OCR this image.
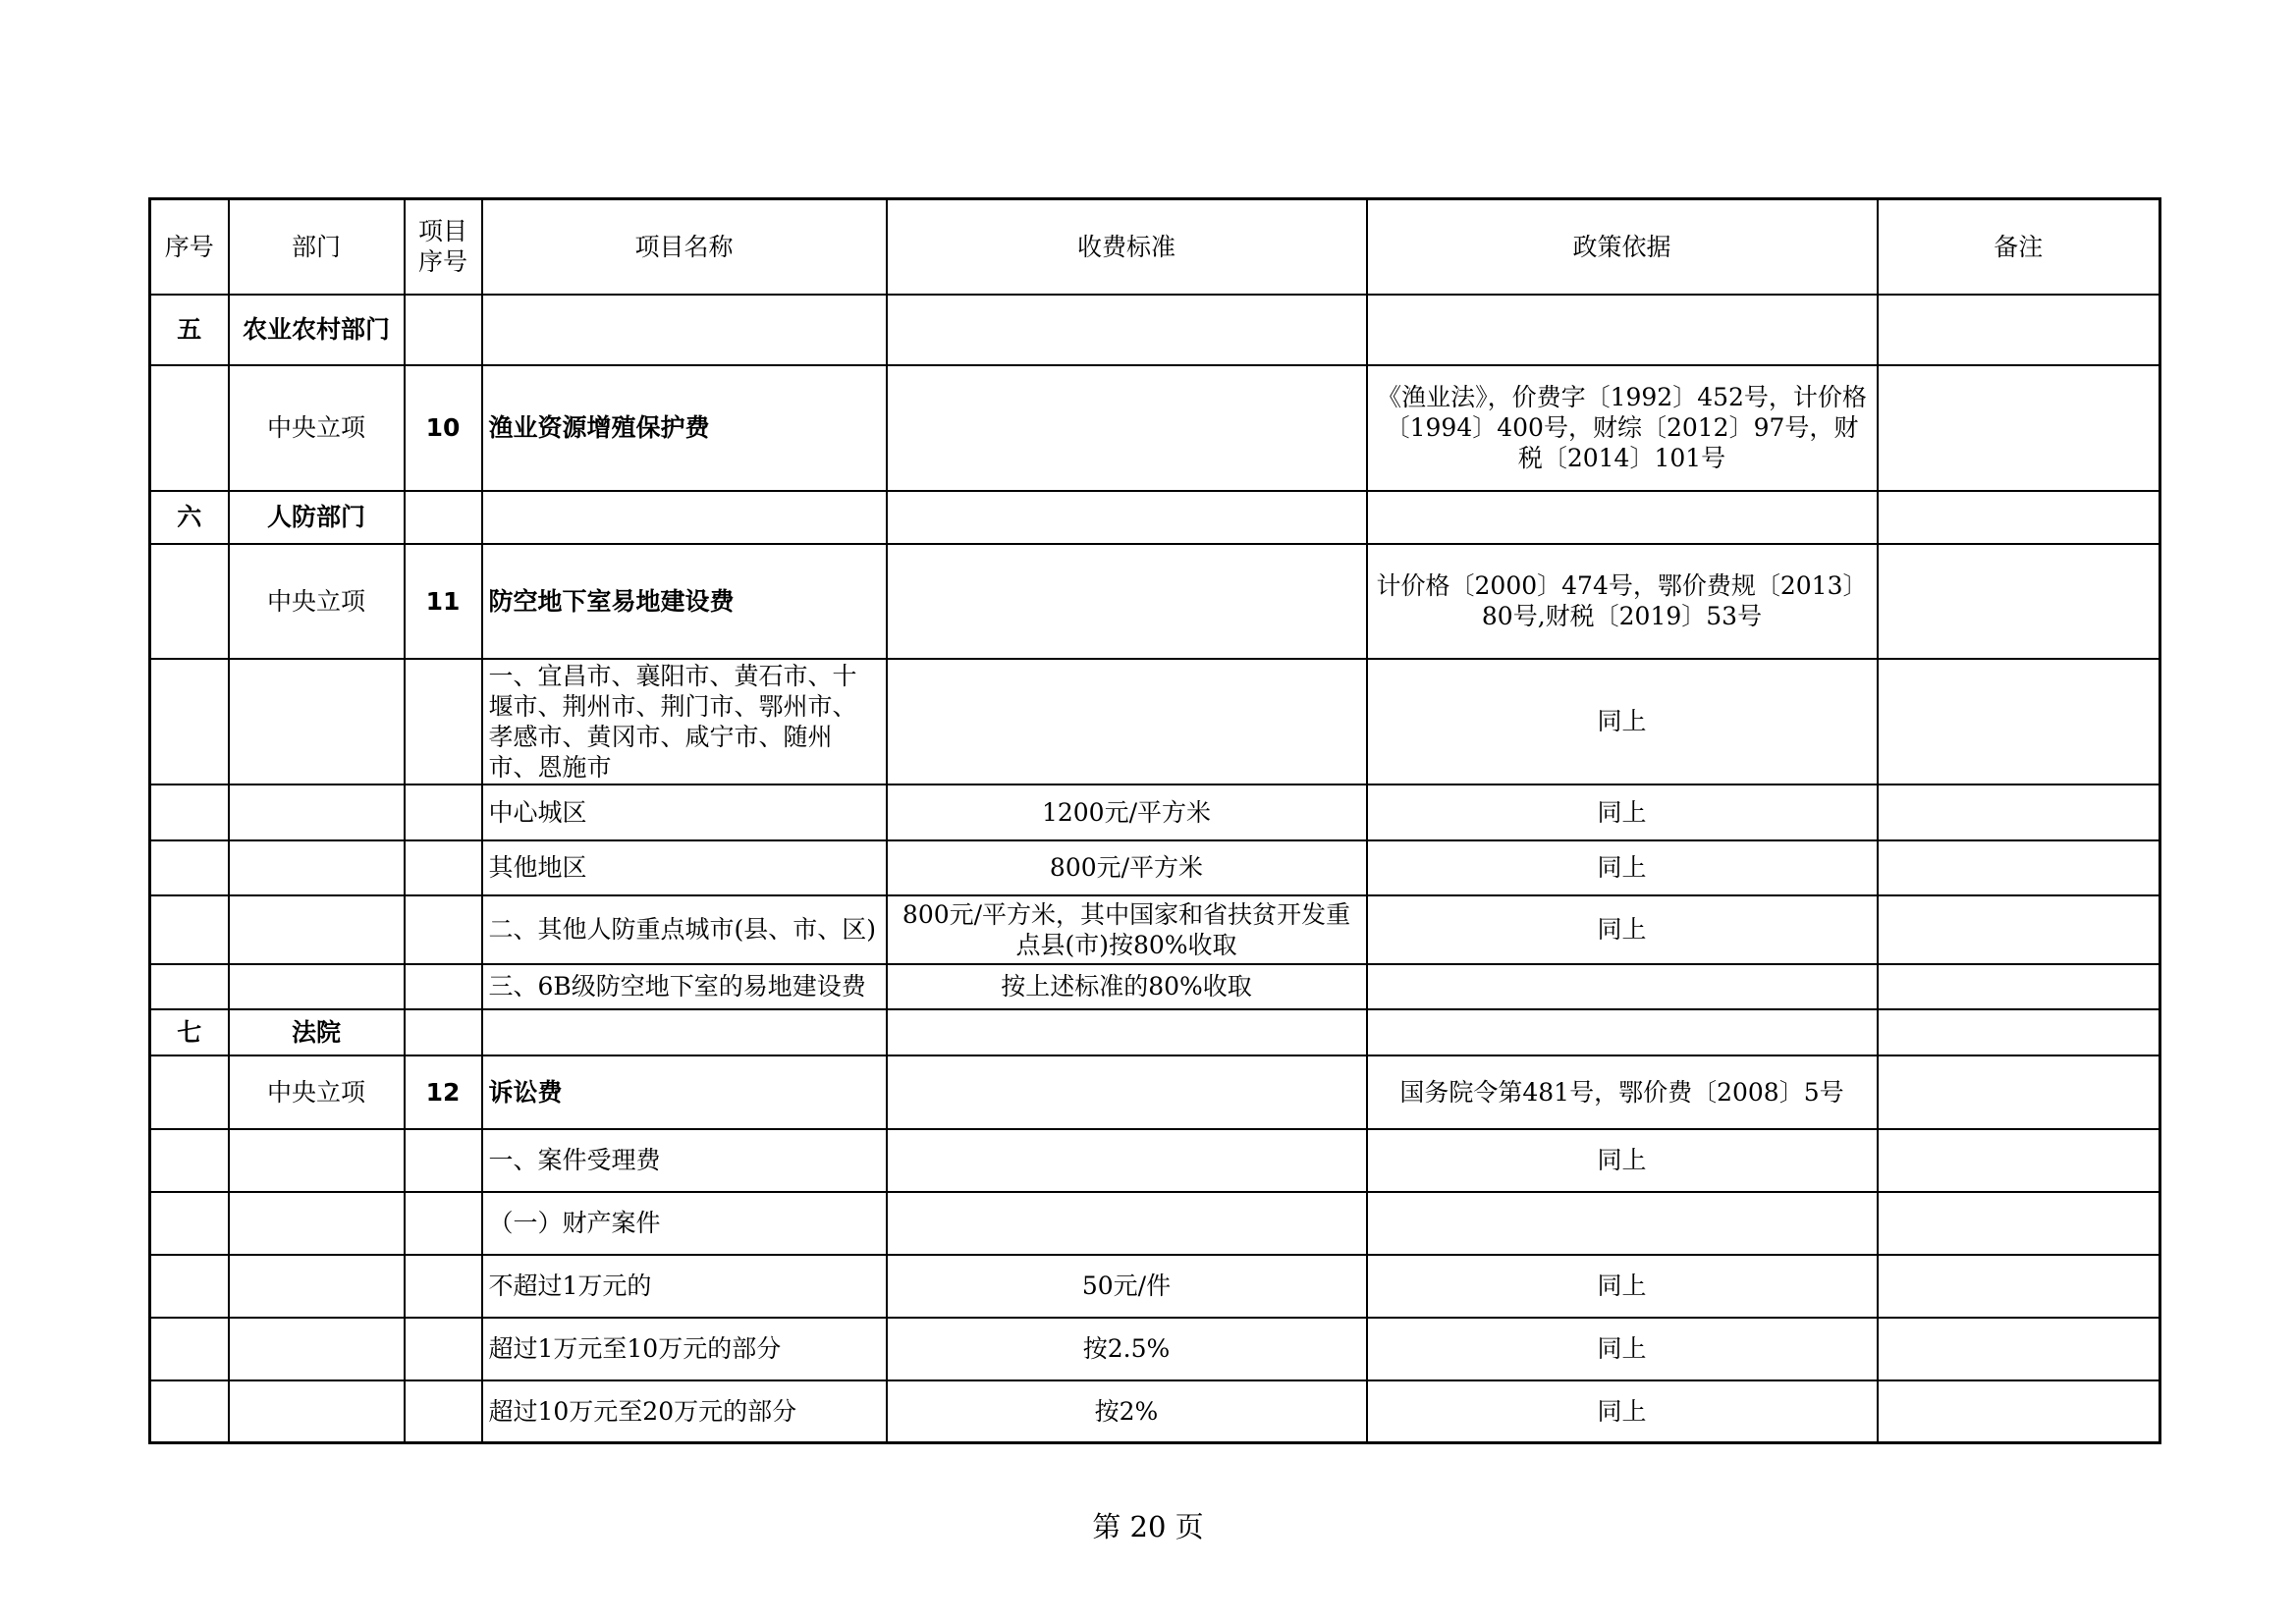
序号	部门	项目序号	项目名称	收费标准	政策依据	备注
五	农业农村部门					
	中央立项	10	渔业资源增殖保护费		《渔业法》，价费字〔1992〕452号，计价格〔1994〕400号，财综〔2012〕97号，财税〔2014〕101号	
六	人防部门					
	中央立项	11	防空地下室易地建设费		计价格〔2000〕474号，鄂价费规〔2013〕80号,财税〔2019〕53号	
			一、宜昌市、襄阳市、黄石市、十堰市、荆州市、荆门市、鄂州市、孝感市、黄冈市、咸宁市、随州市、恩施市		同上	
			中心城区	1200元/平方米	同上	
			其他地区	800元/平方米	同上	
			二、其他人防重点城市(县、市、区)	800元/平方米，其中国家和省扶贫开发重点县(市)按80%收取	同上	
			三、6B级防空地下室的易地建设费	按上述标准的80%收取		
七	法院					
	中央立项	12	诉讼费		国务院令第481号，鄂价费〔2008〕5号	
			一、案件受理费		同上	
			（一）财产案件			
			不超过1万元的	50元/件	同上	
			超过1万元至10万元的部分	按2.5%	同上	
			超过10万元至20万元的部分	按2%	同上	
第 20 页
